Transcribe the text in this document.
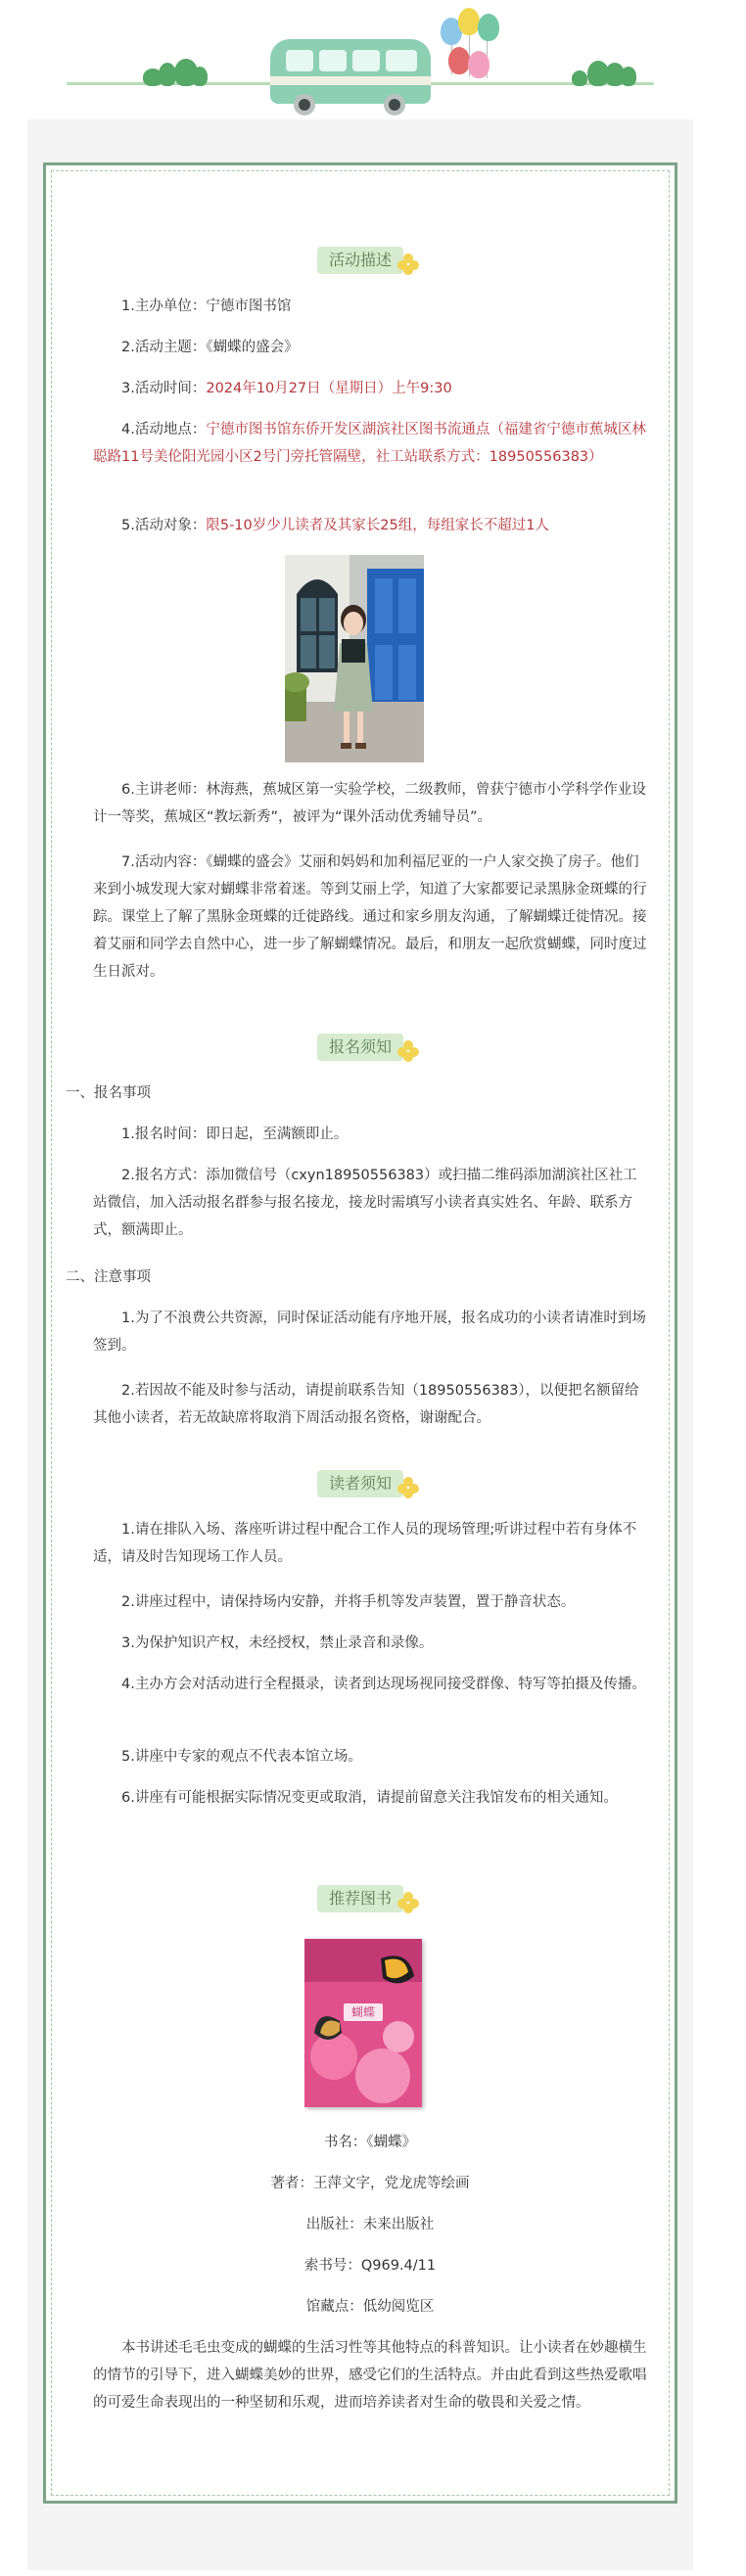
活动描述
1.主办单位：宁德市图书馆
2.活动主题：《蝴蝶的盛会》
3.活动时间：2024年10月27日（星期日）上午9:30
4.活动地点：宁德市图书馆东侨开发区湖滨社区图书流通点（福建省宁德市蕉城区林聪路11号美伦阳光园小区2号门旁托管隔壁，社工站联系方式：18950556383）
5.活动对象：限5-10岁少儿读者及其家长25组，每组家长不超过1人
6.主讲老师：林海燕，蕉城区第一实验学校，二级教师，曾获宁德市小学科学作业设计一等奖，蕉城区“教坛新秀”，被评为“课外活动优秀辅导员”。
7.活动内容：《蝴蝶的盛会》艾丽和妈妈和加利福尼亚的一户人家交换了房子。他们来到小城发现大家对蝴蝶非常着迷。等到艾丽上学，知道了大家都要记录黑脉金斑蝶的行踪。课堂上了解了黑脉金斑蝶的迁徙路线。通过和家乡朋友沟通，了解蝴蝶迁徙情况。接着艾丽和同学去自然中心，进一步了解蝴蝶情况。最后，和朋友一起欣赏蝴蝶，同时度过生日派对。
报名须知
一、报名事项
1.报名时间：即日起，至满额即止。
2.报名方式：添加微信号（cxyn18950556383）或扫描二维码添加湖滨社区社工站微信，加入活动报名群参与报名接龙，接龙时需填写小读者真实姓名、年龄、联系方式，额满即止。
二、注意事项
1.为了不浪费公共资源，同时保证活动能有序地开展，报名成功的小读者请准时到场签到。
2.若因故不能及时参与活动，请提前联系告知（18950556383），以便把名额留给其他小读者，若无故缺席将取消下周活动报名资格，谢谢配合。
读者须知
1.请在排队入场、落座听讲过程中配合工作人员的现场管理;听讲过程中若有身体不适，请及时告知现场工作人员。
2.讲座过程中，请保持场内安静，并将手机等发声装置，置于静音状态。
3.为保护知识产权，未经授权，禁止录音和录像。
4.主办方会对活动进行全程摄录，读者到达现场视同接受群像、特写等拍摄及传播。
5.讲座中专家的观点不代表本馆立场。
6.讲座有可能根据实际情况变更或取消，请提前留意关注我馆发布的相关通知。
推荐图书
蝴蝶
书名：《蝴蝶》
著者：王萍文字，党龙虎等绘画
出版社：未来出版社
索书号：Q969.4/11
馆藏点：低幼阅览区
本书讲述毛毛虫变成的蝴蝶的生活习性等其他特点的科普知识。让小读者在妙趣横生的情节的引导下，进入蝴蝶美妙的世界，感受它们的生活特点。并由此看到这些热爱歌唱的可爱生命表现出的一种坚韧和乐观，进而培养读者对生命的敬畏和关爱之情。
